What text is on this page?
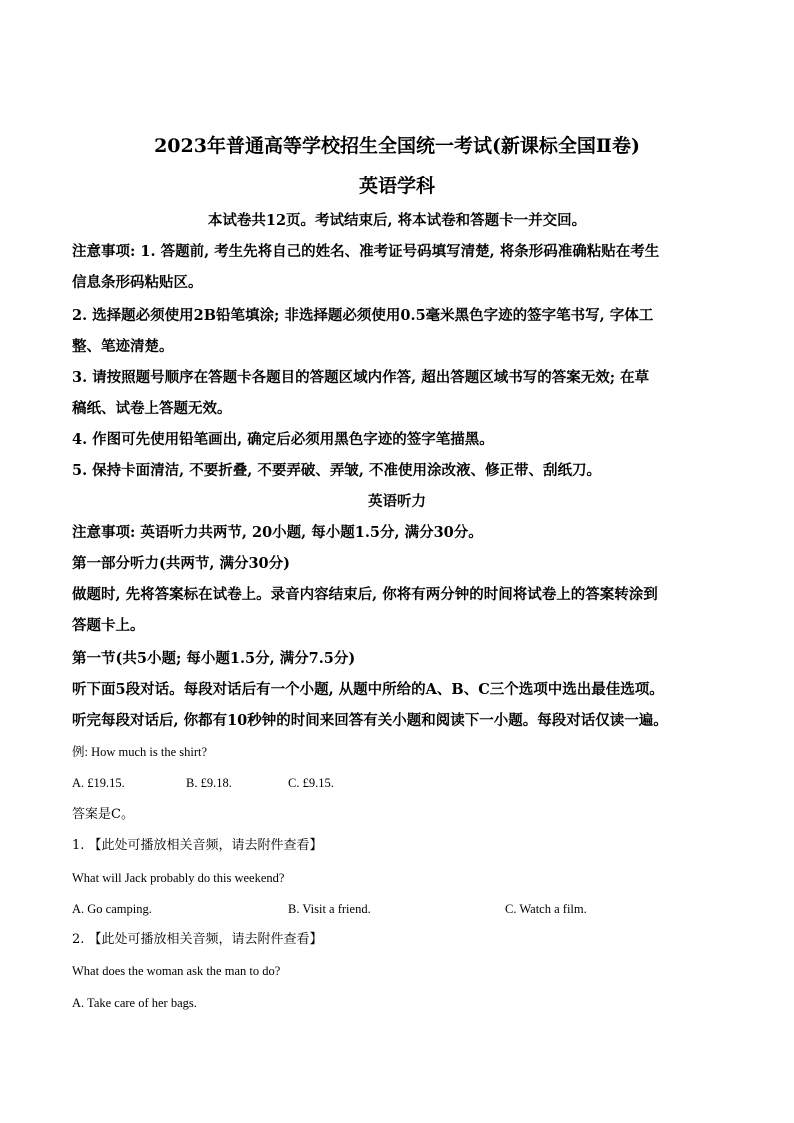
2023年普通高等学校招生全国统一考试(新课标全国Ⅱ卷)
英语学科
本试卷共12页。考试结束后, 将本试卷和答题卡一并交回。
注意事项: 1. 答题前, 考生先将自己的姓名、准考证号码填写清楚, 将条形码准确粘贴在考生
信息条形码粘贴区。
2. 选择题必须使用2B铅笔填涂; 非选择题必须使用0.5毫米黑色字迹的签字笔书写, 字体工
整、笔迹清楚。
3. 请按照题号顺序在答题卡各题目的答题区域内作答, 超出答题区域书写的答案无效; 在草
稿纸、试卷上答题无效。
4. 作图可先使用铅笔画出, 确定后必须用黑色字迹的签字笔描黑。
5. 保持卡面清洁, 不要折叠, 不要弄破、弄皱, 不准使用涂改液、修正带、刮纸刀。
英语听力
注意事项: 英语听力共两节, 20小题, 每小题1.5分, 满分30分。
第一部分听力(共两节, 满分30分)
做题时, 先将答案标在试卷上。录音内容结束后, 你将有两分钟的时间将试卷上的答案转涂到
答题卡上。
第一节(共5小题; 每小题1.5分, 满分7.5分)
听下面5段对话。每段对话后有一个小题, 从题中所给的A、B、C三个选项中选出最佳选项。
听完每段对话后, 你都有10秒钟的时间来回答有关小题和阅读下一小题。每段对话仅读一遍。
例: How much is the shirt?
A. £19.15.	B. £9.18.	C. £9.15.
答案是C。
1. 【此处可播放相关音频，请去附件查看】
What will Jack probably do this weekend?
A. Go camping.	B. Visit a friend.	C. Watch a film.
2. 【此处可播放相关音频，请去附件查看】
What does the woman ask the man to do?
A. Take care of her bags.
